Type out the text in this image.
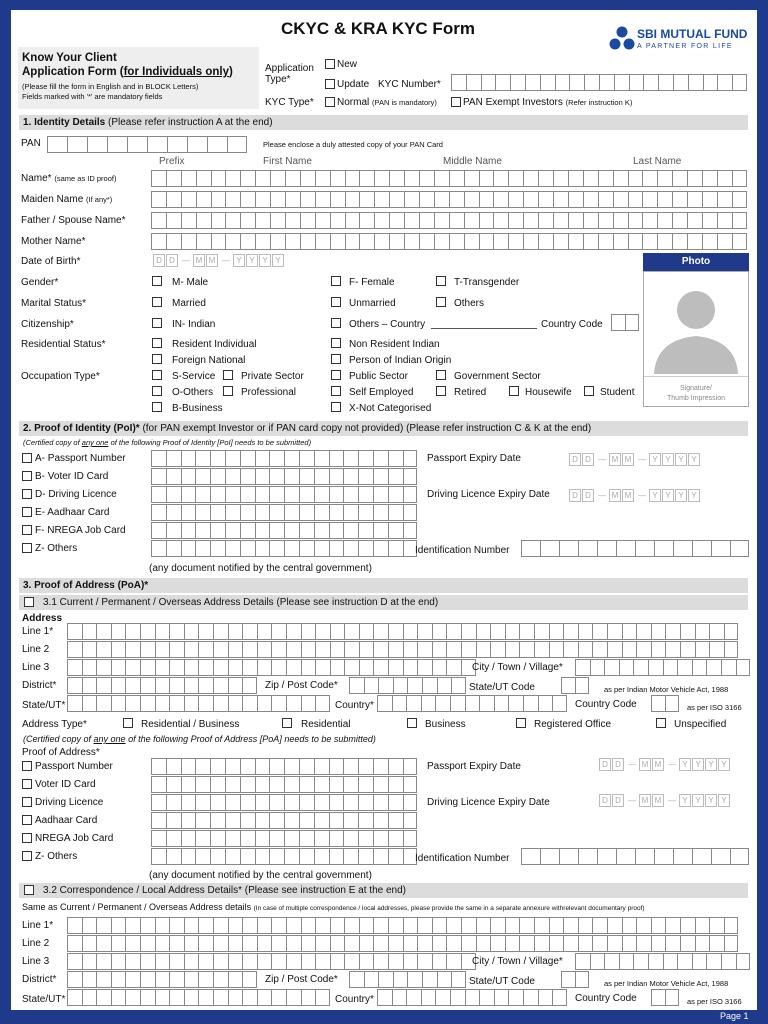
CKYC & KRA KYC Form	SBI MUTUAL FUND
A PARTNER FOR LIFE
Know Your Client
Application Form (for Individuals only)
(Please fill the form in English and in BLOCK Letters)
Fields marked with '*' are mandatory fields
Application
Type*
New
Update KYC Number*
KYC Type* Normal (PAN is mandatory)	PAN Exempt Investors (Refer instruction K)
1. Identity Details (Please refer instruction A at the end)
PAN	Please enclose a duly attested copy of your PAN Card
Prefix	First Name	Middle Name	Last Name
Name* (same as ID proof)
Maiden Name (If any*)
Father / Spouse Name*
Mother Name*
Date of Birth*	D D — M M — Y Y Y Y	Photo
Signature/
Thumb Impression
Gender*	M- Male	F- Female	T-Transgender
Marital Status*	Married	Unmarried	Others
Citizenship*	IN- Indian	Others – Country	Country Code
Residential Status*	Resident Individual	Non Resident Indian
Foreign National	Person of Indian Origin
Occupation Type*	S-Service	Private Sector	Public Sector	Government Sector
O-Others	Professional	Self Employed	Retired	Housewife	Student
B-Business	X-Not Categorised
2. Proof of Identity (PoI)* (for PAN exempt Investor or if PAN card copy not provided) (Please refer instruction C & K at the end)
(Certified copy of any one of the following Proof of Identity [PoI] needs to be submitted)
A- Passport Number	Passport Expiry Date	D D — M M — Y Y Y Y
B- Voter ID Card
D- Driving Licence	Driving Licence Expiry Date	D D — M M — Y Y Y Y
E- Aadhaar Card
F- NREGA Job Card
Z- Others	Identification Number
(any document notified by the central government)
3. Proof of Address (PoA)*
3.1 Current / Permanent / Overseas Address Details (Please see instruction D at the end)
Address
Line 1*
Line 2
Line 3	City / Town / Village*
District*	Zip / Post Code*	State/UT Code	as per Indian Motor Vehicle Act, 1988
State/UT*	Country*	Country Code	as per ISO 3166
Address Type*	Residential / Business	Residential	Business	Registered Office	Unspecified
(Certified copy of any one of the following Proof of Address [PoA] needs to be submitted)
Proof of Address*
Passport Number	Passport Expiry Date	D D — M M — Y Y Y Y
Voter ID Card
Driving Licence	Driving Licence Expiry Date	D D — M M — Y Y Y Y
Aadhaar Card
NREGA Job Card
Z- Others	Identification Number
(any document notified by the central government)
3.2 Correspondence / Local Address Details* (Please see instruction E at the end)
Same as Current / Permanent / Overseas Address details (In case of multiple correspondence / local addresses, please provide the same in a separate annexure withrelevant documentary proof)
Line 1*
Line 2
Line 3	City / Town / Village*
District*	Zip / Post Code*	State/UT Code	as per Indian Motor Vehicle Act, 1988
State/UT*	Country*	Country Code	as per ISO 3166
Page 1
